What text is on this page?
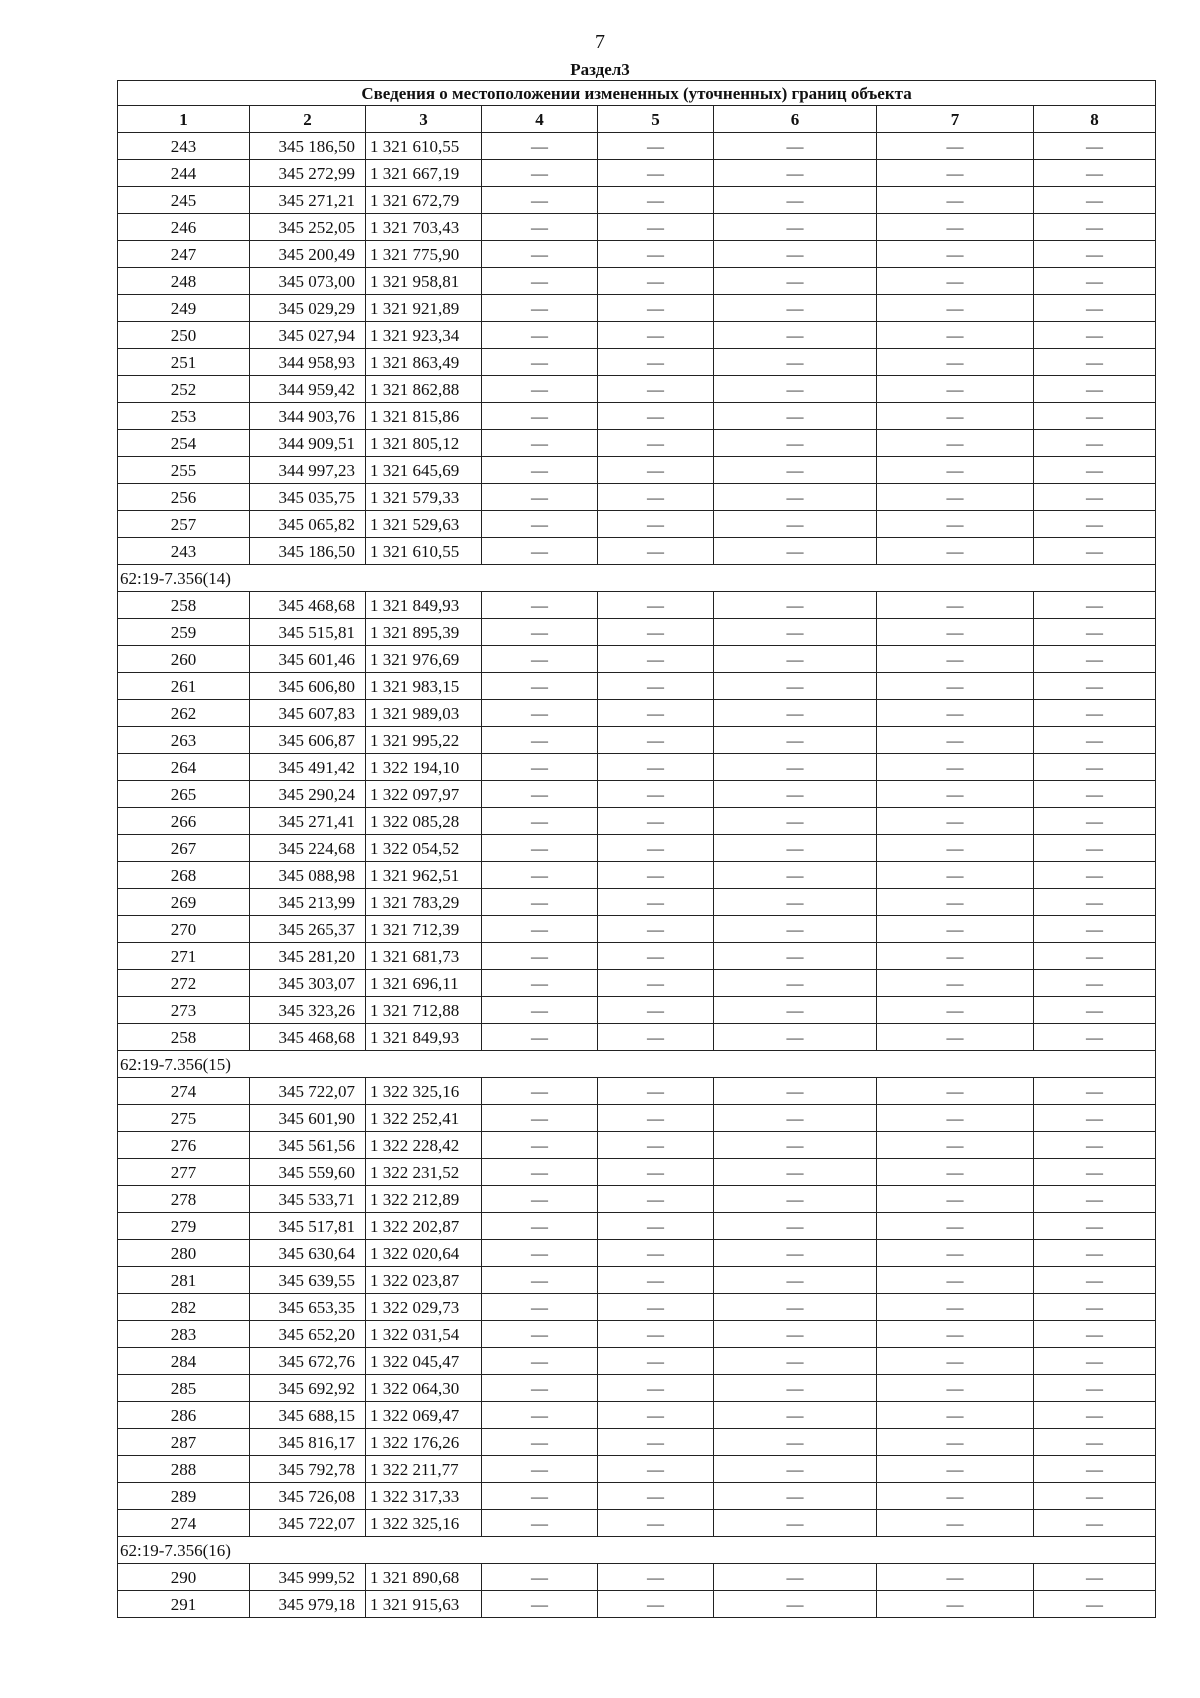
7
Раздел3
Сведения о местоположении измененных (уточненных) границ объекта							
1	2	3	4	5	6	7	8
243	345 186,50	1 321 610,55	—	—	—	—	—
244	345 272,99	1 321 667,19	—	—	—	—	—
245	345 271,21	1 321 672,79	—	—	—	—	—
246	345 252,05	1 321 703,43	—	—	—	—	—
247	345 200,49	1 321 775,90	—	—	—	—	—
248	345 073,00	1 321 958,81	—	—	—	—	—
249	345 029,29	1 321 921,89	—	—	—	—	—
250	345 027,94	1 321 923,34	—	—	—	—	—
251	344 958,93	1 321 863,49	—	—	—	—	—
252	344 959,42	1 321 862,88	—	—	—	—	—
253	344 903,76	1 321 815,86	—	—	—	—	—
254	344 909,51	1 321 805,12	—	—	—	—	—
255	344 997,23	1 321 645,69	—	—	—	—	—
256	345 035,75	1 321 579,33	—	—	—	—	—
257	345 065,82	1 321 529,63	—	—	—	—	—
243	345 186,50	1 321 610,55	—	—	—	—	—
62:19-7.356(14)							
258	345 468,68	1 321 849,93	—	—	—	—	—
259	345 515,81	1 321 895,39	—	—	—	—	—
260	345 601,46	1 321 976,69	—	—	—	—	—
261	345 606,80	1 321 983,15	—	—	—	—	—
262	345 607,83	1 321 989,03	—	—	—	—	—
263	345 606,87	1 321 995,22	—	—	—	—	—
264	345 491,42	1 322 194,10	—	—	—	—	—
265	345 290,24	1 322 097,97	—	—	—	—	—
266	345 271,41	1 322 085,28	—	—	—	—	—
267	345 224,68	1 322 054,52	—	—	—	—	—
268	345 088,98	1 321 962,51	—	—	—	—	—
269	345 213,99	1 321 783,29	—	—	—	—	—
270	345 265,37	1 321 712,39	—	—	—	—	—
271	345 281,20	1 321 681,73	—	—	—	—	—
272	345 303,07	1 321 696,11	—	—	—	—	—
273	345 323,26	1 321 712,88	—	—	—	—	—
258	345 468,68	1 321 849,93	—	—	—	—	—
62:19-7.356(15)							
274	345 722,07	1 322 325,16	—	—	—	—	—
275	345 601,90	1 322 252,41	—	—	—	—	—
276	345 561,56	1 322 228,42	—	—	—	—	—
277	345 559,60	1 322 231,52	—	—	—	—	—
278	345 533,71	1 322 212,89	—	—	—	—	—
279	345 517,81	1 322 202,87	—	—	—	—	—
280	345 630,64	1 322 020,64	—	—	—	—	—
281	345 639,55	1 322 023,87	—	—	—	—	—
282	345 653,35	1 322 029,73	—	—	—	—	—
283	345 652,20	1 322 031,54	—	—	—	—	—
284	345 672,76	1 322 045,47	—	—	—	—	—
285	345 692,92	1 322 064,30	—	—	—	—	—
286	345 688,15	1 322 069,47	—	—	—	—	—
287	345 816,17	1 322 176,26	—	—	—	—	—
288	345 792,78	1 322 211,77	—	—	—	—	—
289	345 726,08	1 322 317,33	—	—	—	—	—
274	345 722,07	1 322 325,16	—	—	—	—	—
62:19-7.356(16)							
290	345 999,52	1 321 890,68	—	—	—	—	—
291	345 979,18	1 321 915,63	—	—	—	—	—
